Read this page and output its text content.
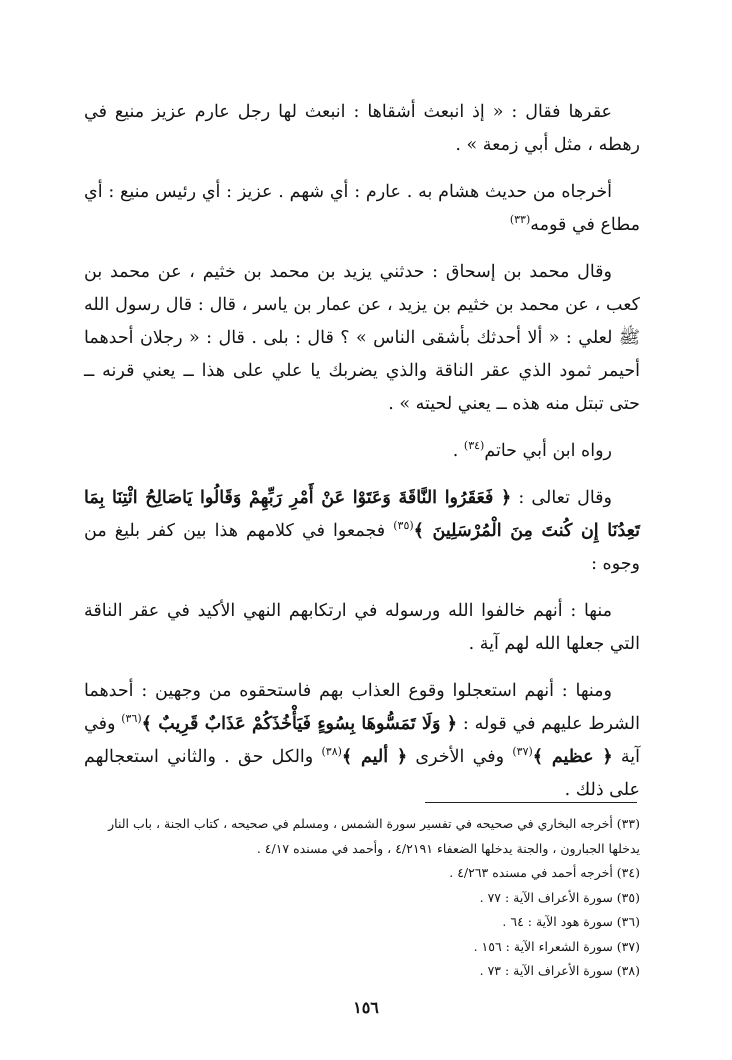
عقرها فقال : « إذ انبعث أشقاها : انبعث لها رجل عارم عزيز منيع في رهطه ، مثل أبي زمعة » .

أخرجاه من حديث هشام به . عارم : أي شهم . عزيز : أي رئيس منيع : أي مطاع في قومه$^{(٣٣)}$

وقال محمد بن إسحاق : حدثني يزيد بن محمد بن خثيم ، عن محمد بن كعب ، عن محمد بن خثيم بن يزيد ، عن عمار بن ياسر ، قال : قال رسول الله ﷺ لعلي : « ألا أحدثك بأشقى الناس » ؟ قال : بلى . قال : « رجلان أحدهما أحيمر ثمود الذي عقر الناقة والذي يضربك يا علي على هذا ــ يعني قرنه ــ حتى تبتل منه هذه ــ يعني لحيته » .

رواه ابن أبي حاتم$^{(٣٤)}$ .

وقال تعالى : ﴿ فَعَقَرُوا النَّاقَةَ وَعَتَوْا عَنْ أَمْرِ رَبِّهِمْ وَقَالُوا يَاصَالِحُ ائْتِنَا بِمَا تَعِدُنَا إِن كُنتَ مِنَ الْمُرْسَلِينَ ﴾$^{(٣٥)}$ فجمعوا في كلامهم هذا بين كفر بليغ من وجوه :

منها : أنهم خالفوا الله ورسوله في ارتكابهم النهي الأكيد في عقر الناقة التي جعلها الله لهم آية .

ومنها : أنهم استعجلوا وقوع العذاب بهم فاستحقوه من وجهين : أحدهما الشرط عليهم في قوله : ﴿ وَلَا تَمَسُّوهَا بِسُوءٍ فَيَأْخُذَكُمْ عَذَابٌ قَرِيبٌ ﴾$^{(٣٦)}$ وفي آية ﴿ عظيم ﴾$^{(٣٧)}$ وفي الأخرى ﴿ أليم ﴾$^{(٣٨)}$ والكل حق . والثاني استعجالهم على ذلك .

(٣٣) أخرجه البخاري في صحيحه في تفسير سورة الشمس ، ومسلم في صحيحه ، كتاب الجنة ، باب النار يدخلها الجبارون ، والجنة يدخلها الضعفاء ٤/٢١٩١ ، وأحمد في مسنده ٤/١٧ .

(٣٤) أخرجه أحمد في مسنده ٤/٢٦٣ .

(٣٥) سورة الأعراف الآية : ٧٧ .

(٣٦) سورة هود الآية : ٦٤ .

(٣٧) سورة الشعراء الآية : ١٥٦ .

(٣٨) سورة الأعراف الآية : ٧٣ .

١٥٦
